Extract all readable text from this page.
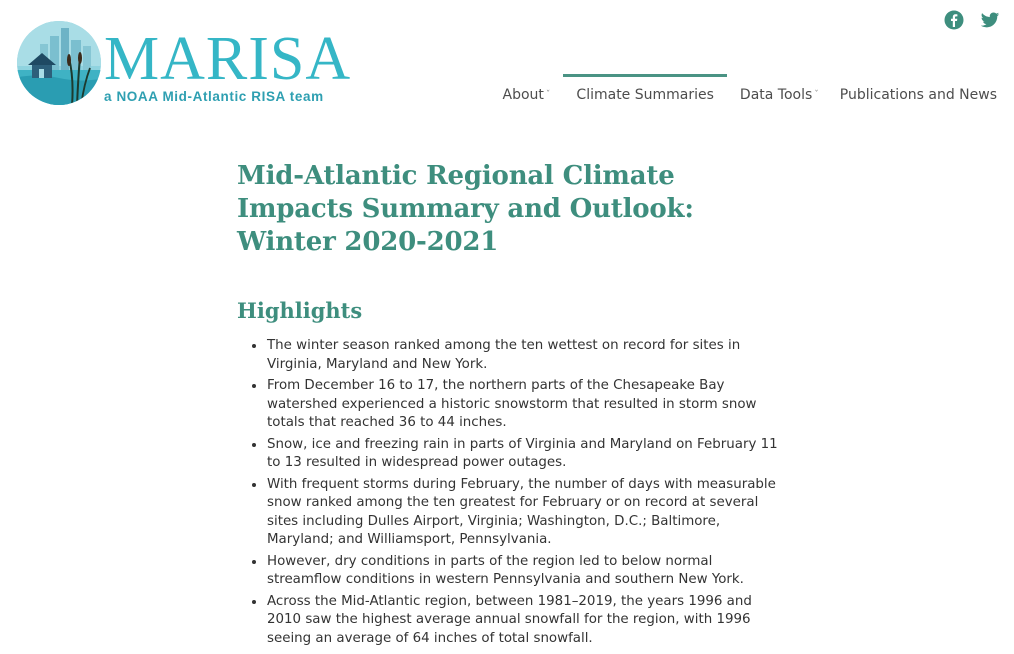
MARISA
a NOAA Mid-Atlantic RISA team	About ˇ	Climate Summaries	Data Tools ˇ Publications and News
Mid-Atlantic Regional Climate Impacts Summary and Outlook: Winter 2020-2021
Highlights
• The winter season ranked among the ten wettest on record for sites in Virginia, Maryland and New York.
• From December 16 to 17, the northern parts of the Chesapeake Bay watershed experienced a historic snowstorm that resulted in storm snow totals that reached 36 to 44 inches.
• Snow, ice and freezing rain in parts of Virginia and Maryland on February 11 to 13 resulted in widespread power outages.
• With frequent storms during February, the number of days with measurable snow ranked among the ten greatest for February or on record at several sites including Dulles Airport, Virginia; Washington, D.C.; Baltimore, Maryland; and Williamsport, Pennsylvania.
• However, dry conditions in parts of the region led to below normal streamflow conditions in western Pennsylvania and southern New York.
• Across the Mid-Atlantic region, between 1981–2019, the years 1996 and 2010 saw the highest average annual snowfall for the region, with 1996 seeing an average of 64 inches of total snowfall.
